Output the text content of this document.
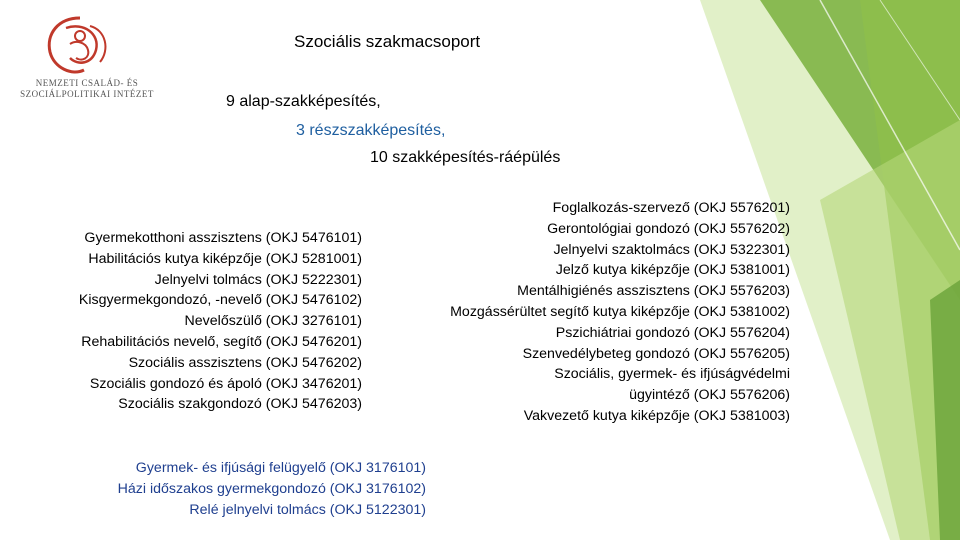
NEMZETI CSALÁD- ÉS
SZOCIÁLPOLITIKAI INTÉZET
Szociális szakmacsoport
9 alap-szakképesítés,
3 részszakképesítés,
10 szakképesítés-ráépülés
Gyermekotthoni asszisztens (OKJ 5476101)
Habilitációs kutya kiképzője (OKJ 5281001)
Jelnyelvi tolmács (OKJ 5222301)
Kisgyermekgondozó, -nevelő (OKJ 5476102)
Nevelőszülő (OKJ 3276101)
Rehabilitációs nevelő, segítő (OKJ 5476201)
Szociális asszisztens (OKJ 5476202)
Szociális gondozó és ápoló (OKJ 3476201)
Szociális szakgondozó (OKJ 5476203)
Foglalkozás-szervező (OKJ 5576201)
Gerontológiai gondozó (OKJ 5576202)
Jelnyelvi szaktolmács (OKJ 5322301)
Jelző kutya kiképzője (OKJ 5381001)
Mentálhigiénés asszisztens (OKJ 5576203)
Mozgássérültet segítő kutya kiképzője (OKJ 5381002)
Pszichiátriai gondozó (OKJ 5576204)
Szenvedélybeteg gondozó (OKJ 5576205)
Szociális, gyermek- és ifjúságvédelmi
ügyintéző (OKJ 5576206)
Vakvezető kutya kiképzője (OKJ 5381003)
Gyermek- és ifjúsági felügyelő (OKJ 3176101)
Házi időszakos gyermekgondozó (OKJ 3176102)
Relé jelnyelvi tolmács (OKJ 5122301)
